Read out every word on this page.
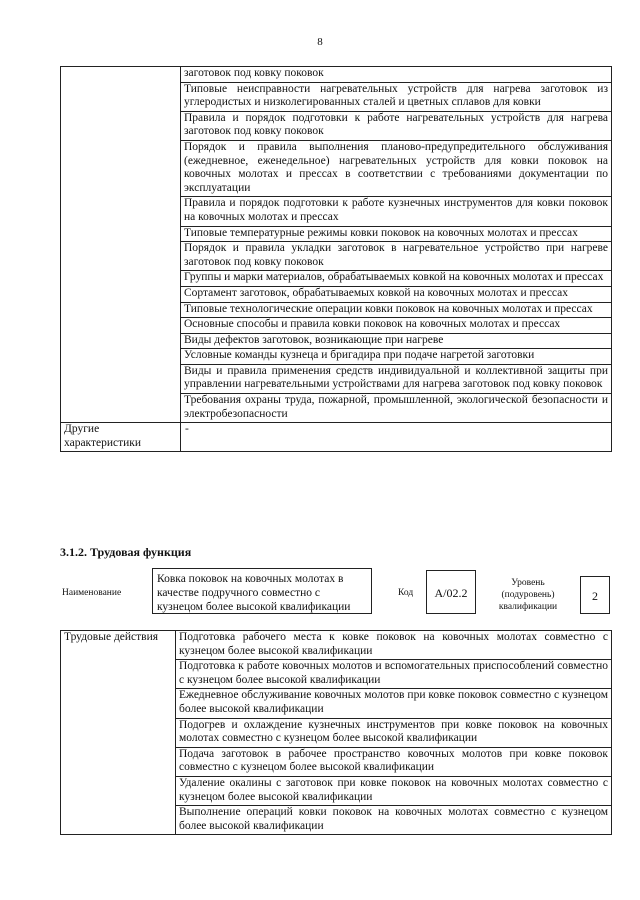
8
	заготовок под ковку поковок
	Типовые неисправности нагревательных устройств для нагрева заготовок из углеродистых и низколегированных сталей и цветных сплавов для ковки
	Правила и порядок подготовки к работе нагревательных устройств для нагрева заготовок под ковку поковок
	Порядок и правила выполнения планово-предупредительного обслуживания (ежедневное, еженедельное) нагревательных устройств для ковки поковок на ковочных молотах и прессах в соответствии с требованиями документации по эксплуатации
	Правила и порядок подготовки к работе кузнечных инструментов для ковки поковок на ковочных молотах и прессах
	Типовые температурные режимы ковки поковок на ковочных молотах и прессах
	Порядок и правила укладки заготовок в нагревательное устройство при нагреве заготовок под ковку поковок
	Группы и марки материалов, обрабатываемых ковкой на ковочных молотах и прессах
	Сортамент заготовок, обрабатываемых ковкой на ковочных молотах и прессах
	Типовые технологические операции ковки поковок на ковочных молотах и прессах
	Основные способы и правила ковки поковок на ковочных молотах и прессах
	Виды дефектов заготовок, возникающие при нагреве
	Условные команды кузнеца и бригадира при подаче нагретой заготовки
	Виды и правила применения средств индивидуальной и коллективной защиты при управлении нагревательными устройствами для нагрева заготовок под ковку поковок
	Требования охраны труда, пожарной, промышленной, экологической безопасности и электробезопасности
Другие характеристики	-
3.1.2. Трудовая функция
Наименование
Ковка поковок на ковочных молотах в качестве подручного совместно с кузнецом более высокой квалификации
Код	A/02.2
Уровень
(подуровень)
квалификации
2
Трудовые действия	Подготовка рабочего места к ковке поковок на ковочных молотах совместно с кузнецом более высокой квалификации
Подготовка к работе ковочных молотов и вспомогательных приспособлений совместно с кузнецом более высокой квалификации
Ежедневное обслуживание ковочных молотов при ковке поковок совместно с кузнецом более высокой квалификации
Подогрев и охлаждение кузнечных инструментов при ковке поковок на ковочных молотах совместно с кузнецом более высокой квалификации
Подача заготовок в рабочее пространство ковочных молотов при ковке поковок совместно с кузнецом более высокой квалификации
Удаление окалины с заготовок при ковке поковок на ковочных молотах совместно с кузнецом более высокой квалификации
Выполнение операций ковки поковок на ковочных молотах совместно с кузнецом более высокой квалификации
